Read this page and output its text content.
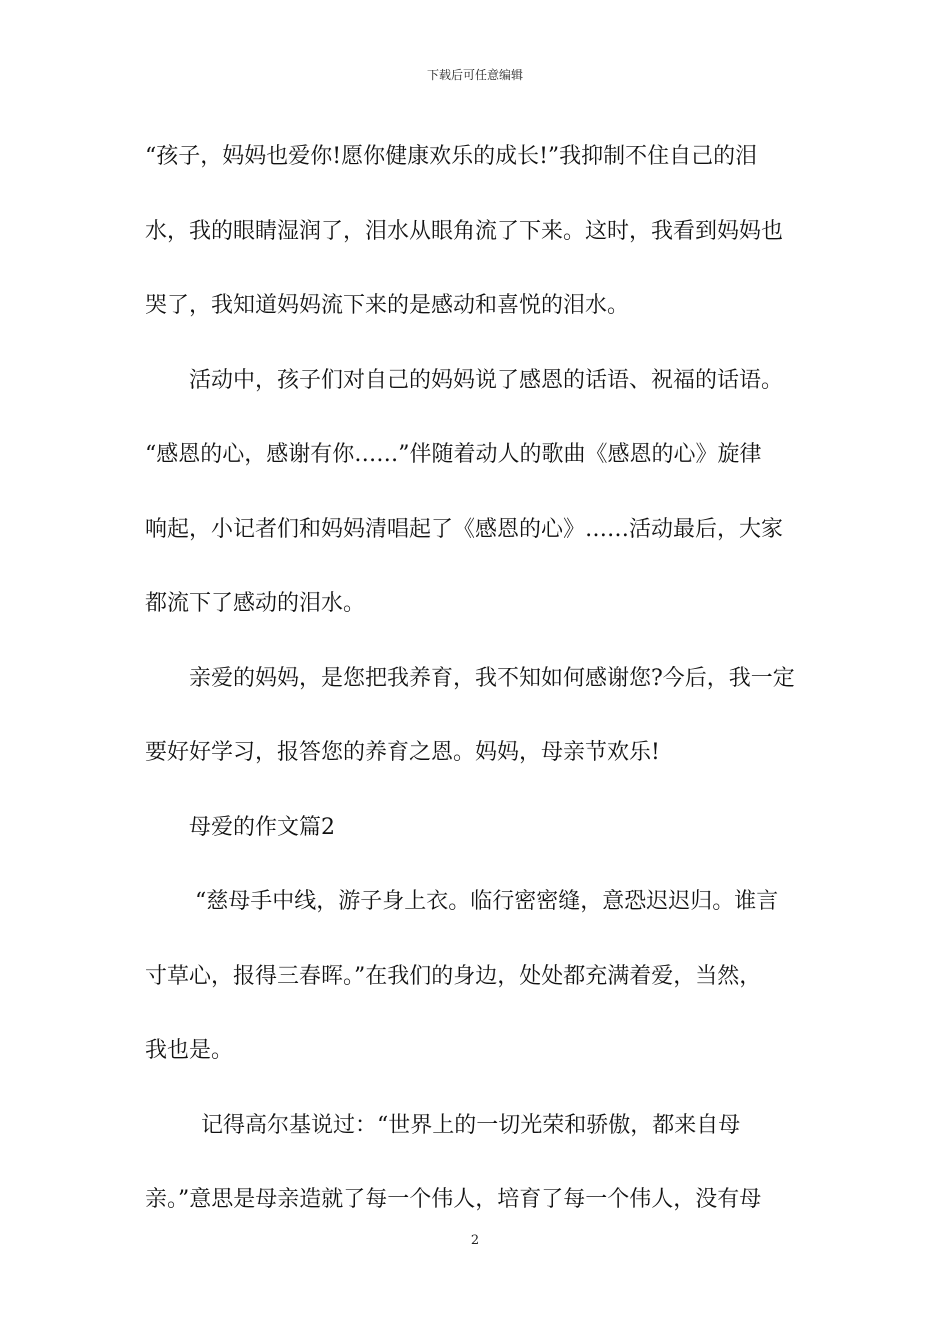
下载后可任意编辑

“孩子，妈妈也爱你!愿你健康欢乐的成长!”我抑制不住自己的泪

水，我的眼睛湿润了，泪水从眼角流了下来。这时，我看到妈妈也

哭了，我知道妈妈流下来的是感动和喜悦的泪水。

活动中，孩子们对自己的妈妈说了感恩的话语、祝福的话语。

“感恩的心，感谢有你……”伴随着动人的歌曲《感恩的心》旋律

响起，小记者们和妈妈清唱起了《感恩的心》……活动最后，大家

都流下了感动的泪水。

亲爱的妈妈，是您把我养育，我不知如何感谢您?今后，我一定

要好好学习，报答您的养育之恩。妈妈，母亲节欢乐!

母爱的作文篇2

“慈母手中线，游子身上衣。临行密密缝，意恐迟迟归。谁言

寸草心，报得三春晖。”在我们的身边，处处都充满着爱，当然，

我也是。

记得高尔基说过：“世界上的一切光荣和骄傲，都来自母

亲。”意思是母亲造就了每一个伟人，培育了每一个伟人，没有母

2
